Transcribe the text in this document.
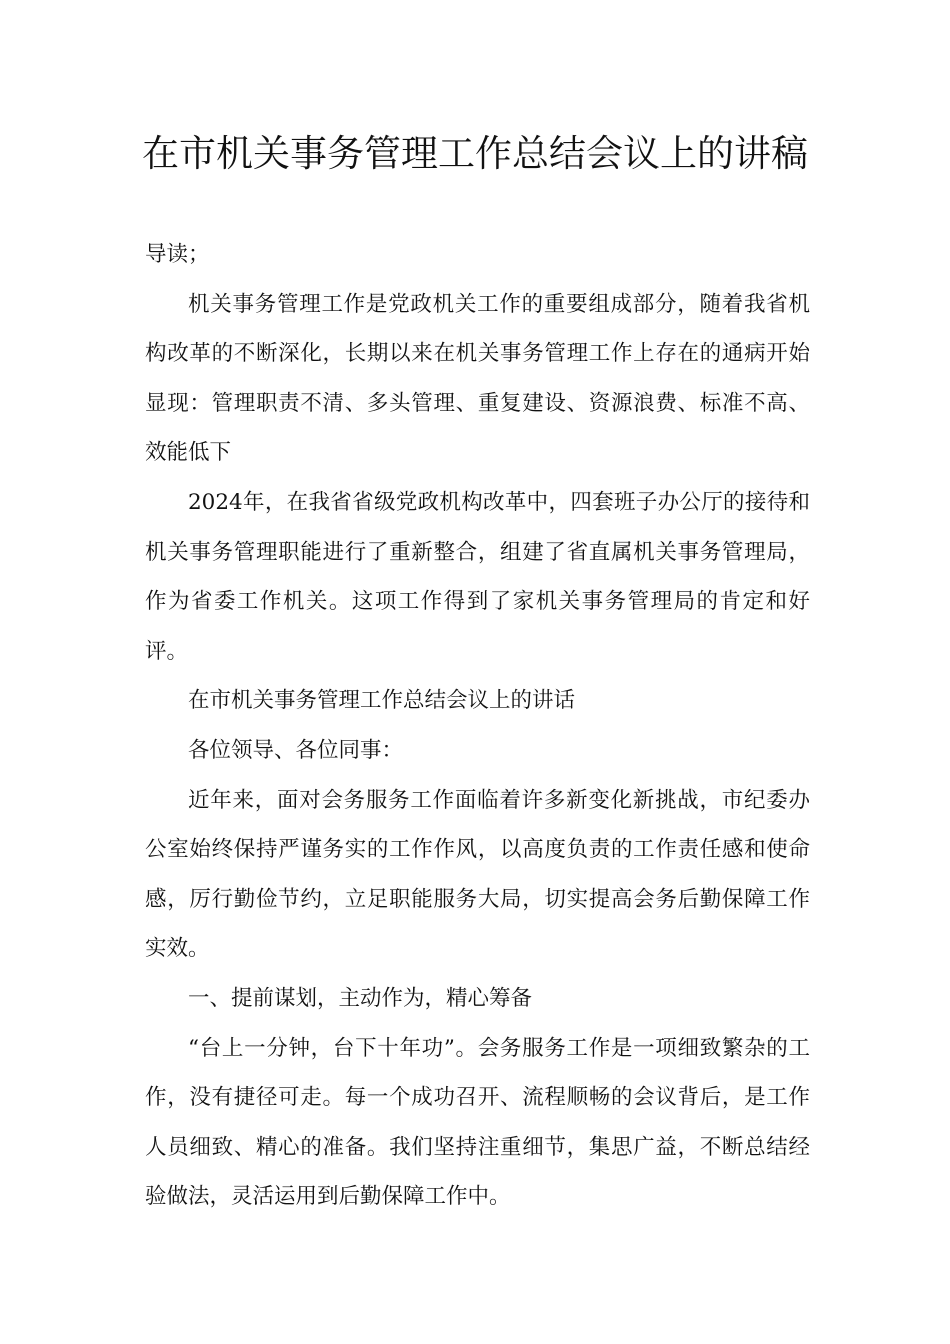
在市机关事务管理工作总结会议上的讲稿

导读；

机关事务管理工作是党政机关工作的重要组成部分，随着我省机构改革的不断深化，长期以来在机关事务管理工作上存在的通病开始显现：管理职责不清、多头管理、重复建设、资源浪费、标准不高、效能低下

2024年，在我省省级党政机构改革中，四套班子办公厅的接待和机关事务管理职能进行了重新整合，组建了省直属机关事务管理局，作为省委工作机关。这项工作得到了家机关事务管理局的肯定和好评。

在市机关事务管理工作总结会议上的讲话

各位领导、各位同事：

近年来，面对会务服务工作面临着许多新变化新挑战，市纪委办公室始终保持严谨务实的工作作风，以高度负责的工作责任感和使命感，厉行勤俭节约，立足职能服务大局，切实提高会务后勤保障工作实效。

一、提前谋划，主动作为，精心筹备

“台上一分钟，台下十年功”。会务服务工作是一项细致繁杂的工作，没有捷径可走。每一个成功召开、流程顺畅的会议背后，是工作人员细致、精心的准备。我们坚持注重细节，集思广益，不断总结经验做法，灵活运用到后勤保障工作中。
